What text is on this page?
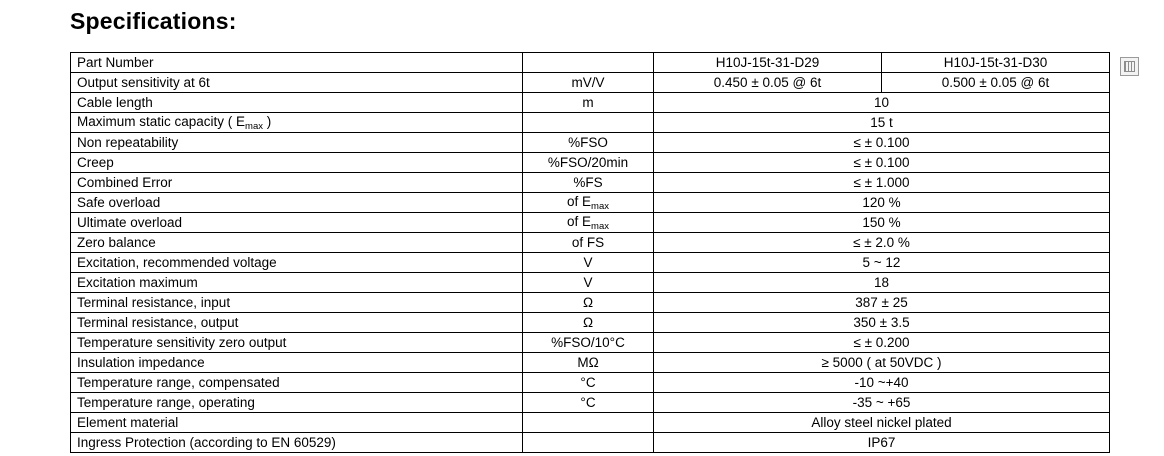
Specifications:
Part Number		H10J-15t-31-D29	H10J-15t-31-D30
Output sensitivity at 6t	mV/V	0.450 ± 0.05 @ 6t	0.500 ± 0.05 @ 6t
Cable length	m	10	
Maximum static capacity ( $E_{max}$ )		15 t	
Non repeatability	%FSO	≤ ± 0.100	
Creep	%FSO/20min	≤ ± 0.100	
Combined Error	%FS	≤ ± 1.000	
Safe overload	of $E_{max}$	120 %	
Ultimate overload	of $E_{max}$	150 %	
Zero balance	of FS	≤ ± 2.0 %	
Excitation, recommended voltage	V	5 ~ 12	
Excitation maximum	V	18	
Terminal resistance, input	Ω	387 ± 25	
Terminal resistance, output	Ω	350 ± 3.5	
Temperature sensitivity zero output	%FSO/10°C	≤ ± 0.200	
Insulation impedance	MΩ	≥ 5000 ( at 50VDC )	
Temperature range, compensated	°C	-10 ~+40	
Temperature range, operating	°C	-35 ~ +65	
Element material		Alloy steel nickel plated	
Ingress Protection (according to EN 60529)		IP67	
